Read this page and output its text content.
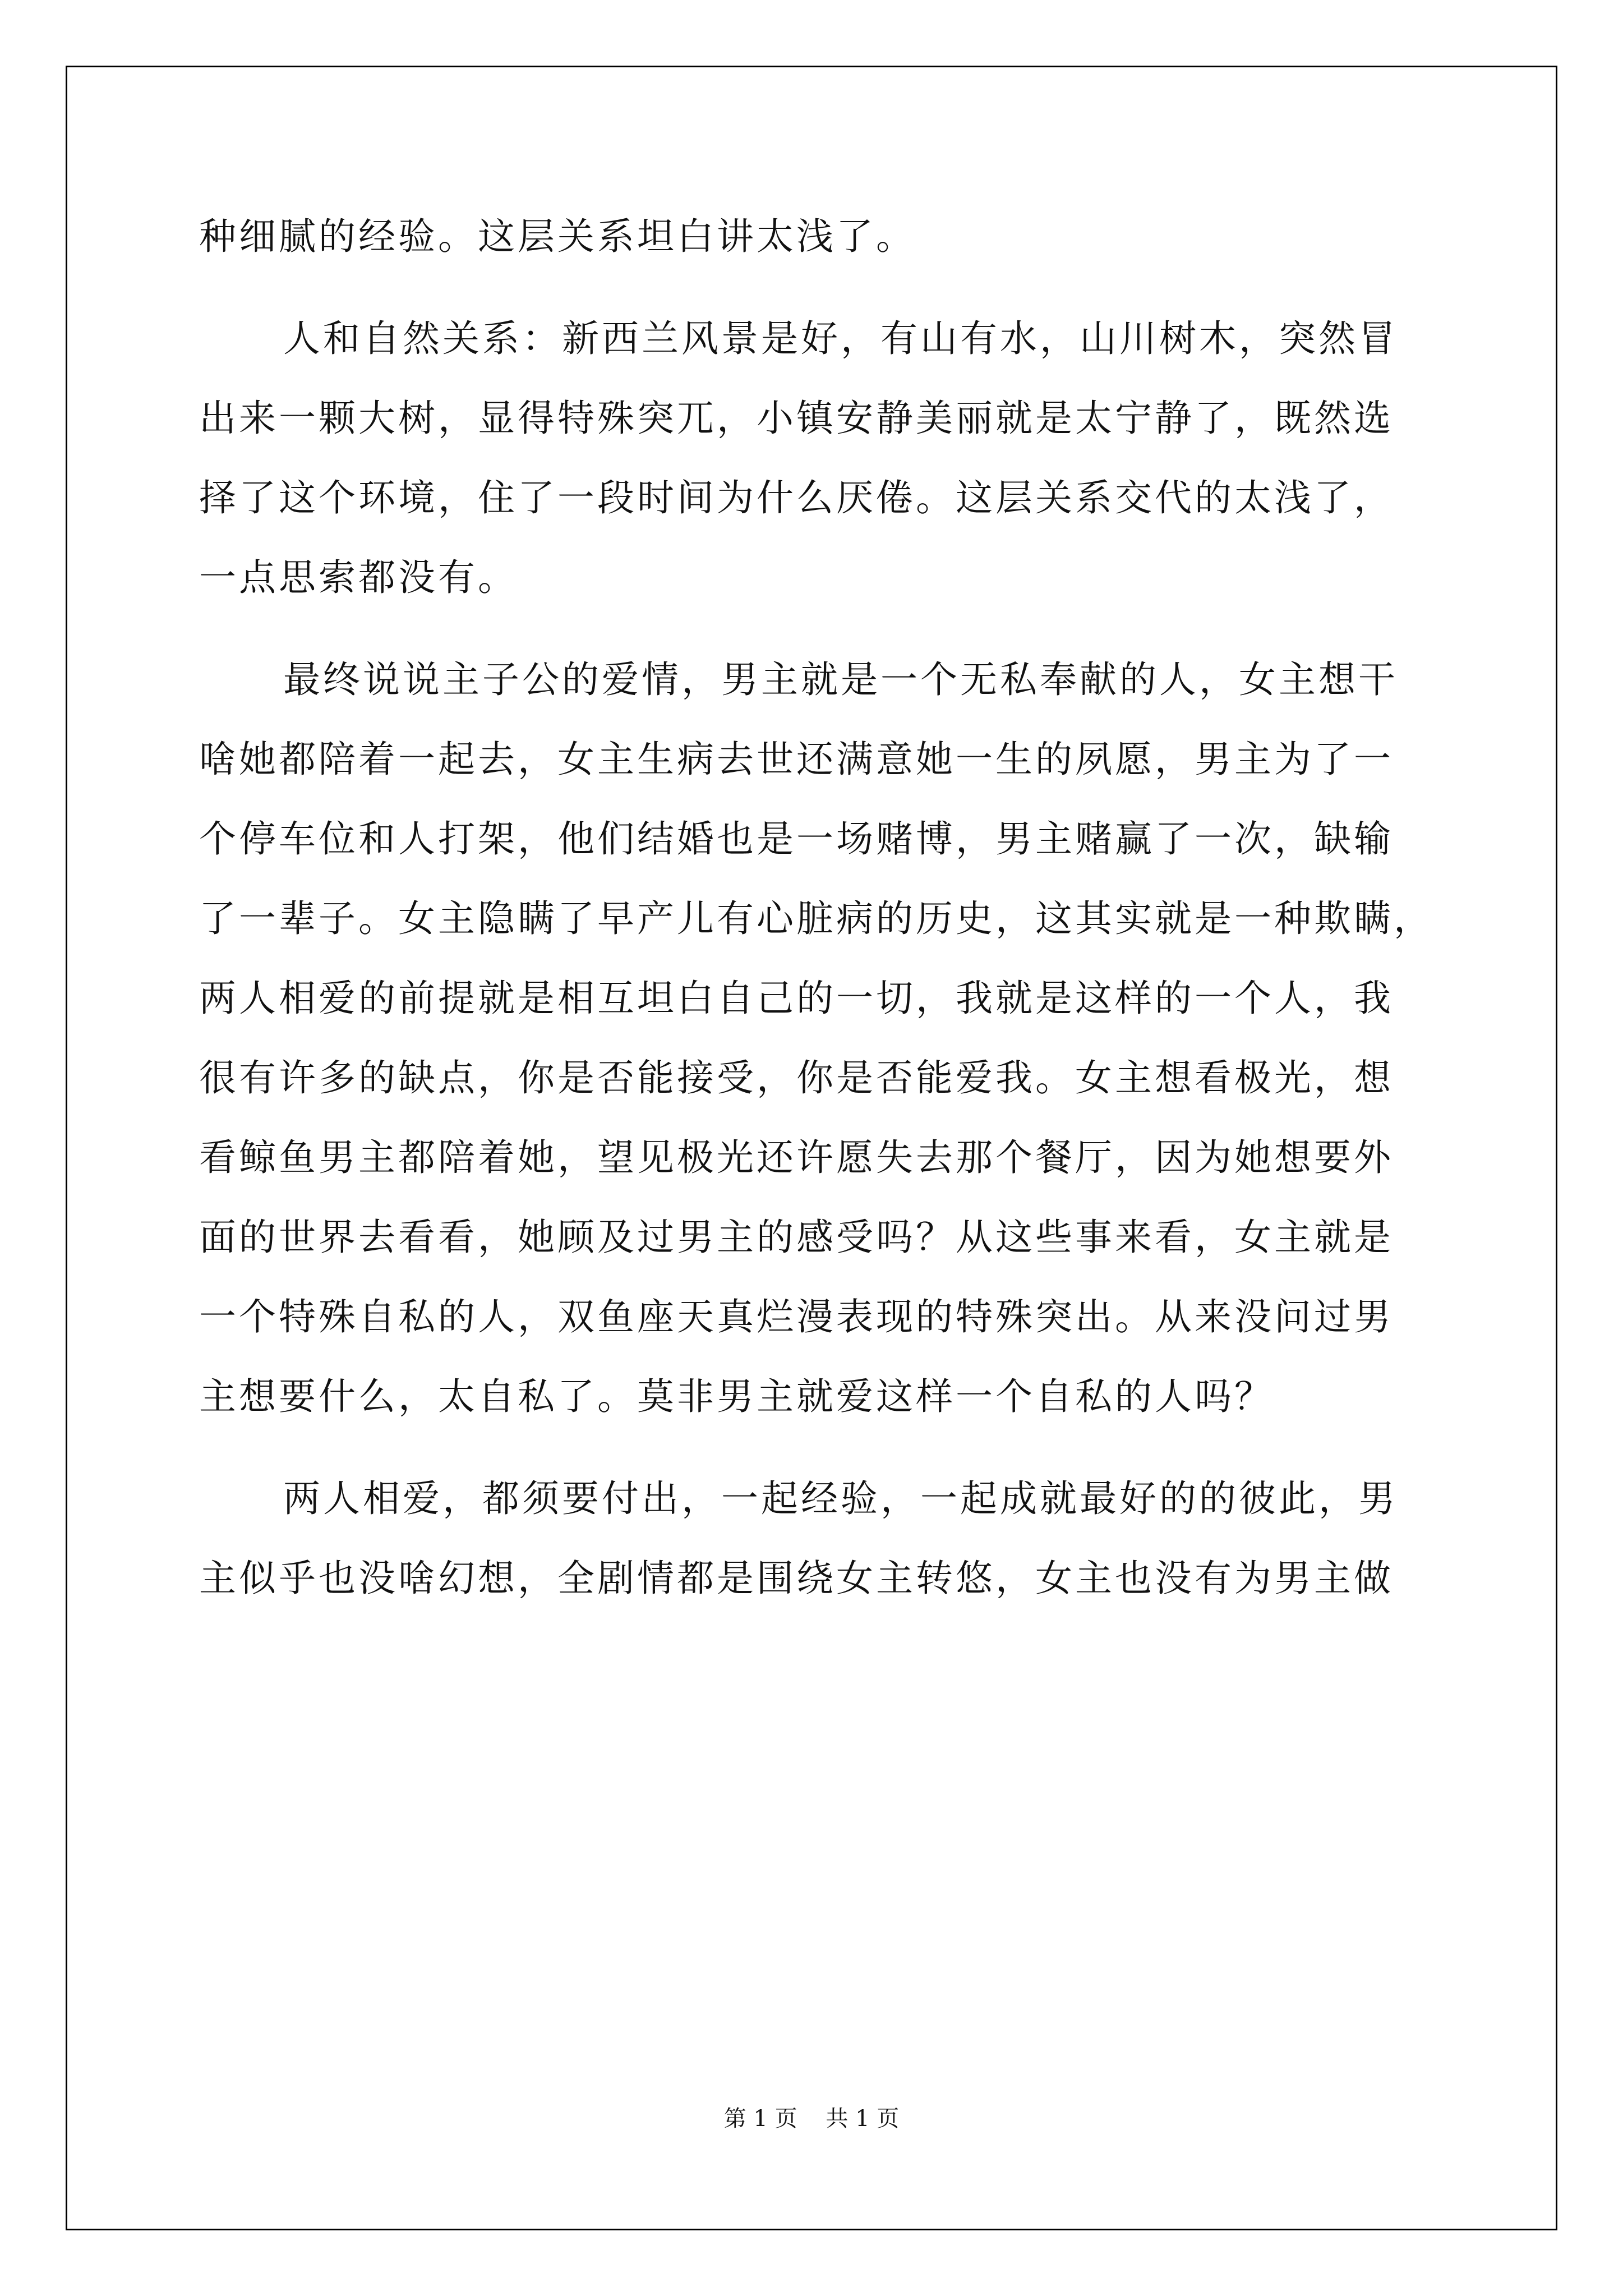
种细腻的经验。这层关系坦白讲太浅了。
人和自然关系：新西兰风景是好，有山有水，山川树木，突然冒
出来一颗大树，显得特殊突兀，小镇安静美丽就是太宁静了，既然选
择了这个环境，住了一段时间为什么厌倦。这层关系交代的太浅了，
一点思索都没有。
最终说说主子公的爱情，男主就是一个无私奉献的人，女主想干
啥她都陪着一起去，女主生病去世还满意她一生的夙愿，男主为了一
个停车位和人打架，他们结婚也是一场赌博，男主赌赢了一次，缺输
了一辈子。女主隐瞒了早产儿有心脏病的历史，这其实就是一种欺瞒，
两人相爱的前提就是相互坦白自己的一切，我就是这样的一个人，我
很有许多的缺点，你是否能接受，你是否能爱我。女主想看极光，想
看鲸鱼男主都陪着她，望见极光还许愿失去那个餐厅，因为她想要外
面的世界去看看，她顾及过男主的感受吗？从这些事来看，女主就是
一个特殊自私的人，双鱼座天真烂漫表现的特殊突出。从来没问过男
主想要什么，太自私了。莫非男主就爱这样一个自私的人吗？
两人相爱，都须要付出，一起经验，一起成就最好的的彼此，男
主似乎也没啥幻想，全剧情都是围绕女主转悠，女主也没有为男主做
第 1 页    共 1 页
